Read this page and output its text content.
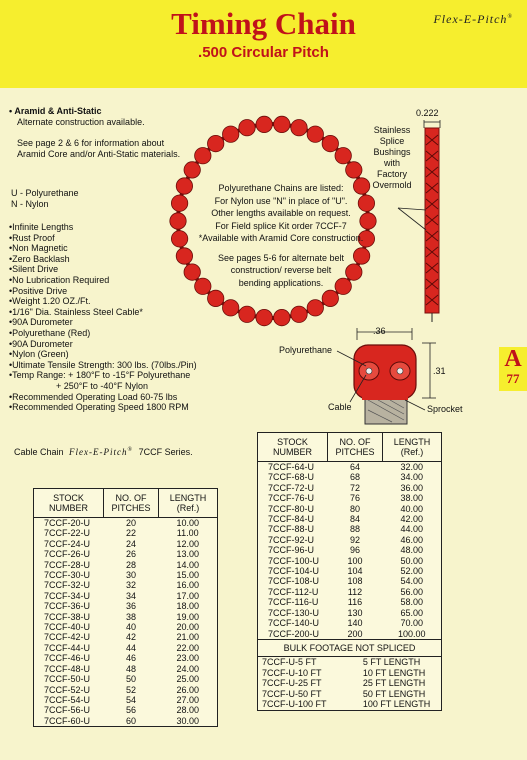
Timing Chain
.500 Circular Pitch
Flex-E-Pitch®
• Aramid & Anti-Static
Alternate construction available.
See page 2 & 6 for information about
Aramid Core and/or Anti-Static materials.
U - Polyurethane
N - Nylon
• Infinite Lengths
• Rust Proof
• Non Magnetic
• Zero Backlash
• Silent Drive
• No Lubrication Required
• Positive Drive
• Weight 1.20 OZ./Ft.
• 1/16" Dia. Stainless Steel Cable*
• 90A Durometer
• Polyurethane (Red)
• 90A Durometer
• Nylon (Green)
• Ultimate Tensile Strength: 300 lbs. (70lbs./Pin)
• Temp Range: + 180°F to -15°F Polyurethane
+ 250°F to -40°F Nylon
• Recommended Operating Load 60-75 lbs
• Recommended Operating Speed 1800 RPM
Polyurethane Chains are listed:
For Nylon use "N" in place of "U".
Other lengths available on request.
For Field splice Kit order 7CCF-7
*Available with Aramid Core construction.
See pages 5-6 for alternate belt
construction/ reverse belt
bending applications.
Stainless
Splice
Bushings
with
Factory
Overmold
0.222
.36
.31
Polyurethane
Cable	Sprocket
A
77
Cable Chain Flex-E-Pitch® 7CCF Series.
STOCK
NUMBER	NO. OF
PITCHES	LENGTH
(Ref.)

7CCF-20-U	20	10.00
7CCF-22-U	22	11.00
7CCF-24-U	24	12.00
7CCF-26-U	26	13.00
7CCF-28-U	28	14.00
7CCF-30-U	30	15.00
7CCF-32-U	32	16.00
7CCF-34-U	34	17.00
7CCF-36-U	36	18.00
7CCF-38-U	38	19.00
7CCF-40-U	40	20.00
7CCF-42-U	42	21.00
7CCF-44-U	44	22.00
7CCF-46-U	46	23.00
7CCF-48-U	48	24.00
7CCF-50-U	50	25.00
7CCF-52-U	52	26.00
7CCF-54-U	54	27.00
7CCF-56-U	56	28.00
7CCF-60-U	60	30.00
STOCK
NUMBER	NO. OF
PITCHES	LENGTH
(Ref.)

7CCF-64-U	64	32.00
7CCF-68-U	68	34.00
7CCF-72-U	72	36.00
7CCF-76-U	76	38.00
7CCF-80-U	80	40.00
7CCF-84-U	84	42.00
7CCF-88-U	88	44.00
7CCF-92-U	92	46.00
7CCF-96-U	96	48.00
7CCF-100-U	100	50.00
7CCF-104-U	104	52.00
7CCF-108-U	108	54.00
7CCF-112-U	112	56.00
7CCF-116-U	116	58.00
7CCF-130-U	130	65.00
7CCF-140-U	140	70.00
7CCF-200-U	200	100.00
BULK FOOTAGE NOT SPLICED
7CCF-U-5 FT	5 FT LENGTH
7CCF-U-10 FT	10 FT LENGTH
7CCF-U-25 FT	25 FT LENGTH
7CCF-U-50 FT	50 FT LENGTH
7CCF-U-100 FT	100 FT LENGTH
